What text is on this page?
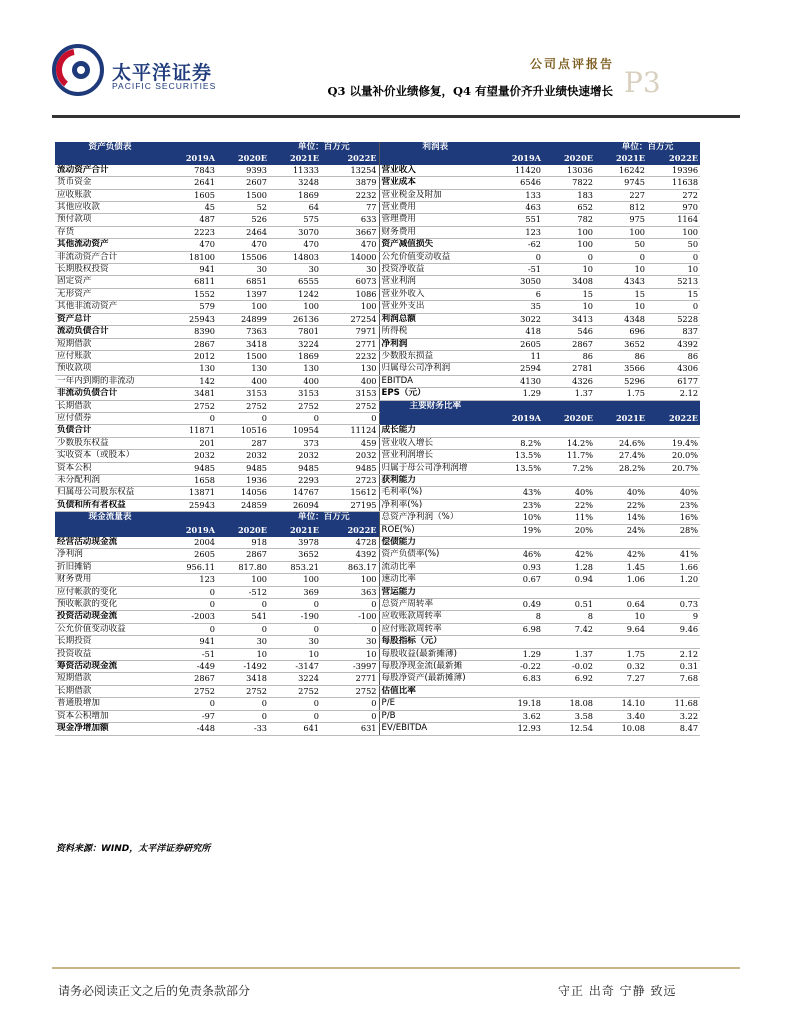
太平洋证券
PACIFIC SECURITIES
公司点评报告
P3
Q3 以量补价业绩修复，Q4 有望量价齐升业绩快速增长
资产负债表			单位：百万元		利润表			单位：百万元	
	2019A	2020E	2021E	2022E		2019A	2020E	2021E	2022E
流动资产合计	7843	9393	11333	13254	营业收入	11420	13036	16242	19396
货币资金	2641	2607	3248	3879	营业成本	6546	7822	9745	11638
应收账款	1605	1500	1869	2232	营业税金及附加	133	183	227	272
其他应收款	45	52	64	77	营业费用	463	652	812	970
预付款项	487	526	575	633	管理费用	551	782	975	1164
存货	2223	2464	3070	3667	财务费用	123	100	100	100
其他流动资产	470	470	470	470	资产减值损失	-62	100	50	50
非流动资产合计	18100	15506	14803	14000	公允价值变动收益	0	0	0	0
长期股权投资	941	30	30	30	投资净收益	-51	10	10	10
固定资产	6811	6851	6555	6073	营业利润	3050	3408	4343	5213
无形资产	1552	1397	1242	1086	营业外收入	6	15	15	15
其他非流动资产	579	100	100	100	营业外支出	35	10	10	0
资产总计	25943	24899	26136	27254	利润总额	3022	3413	4348	5228
流动负债合计	8390	7363	7801	7971	所得税	418	546	696	837
短期借款	2867	3418	3224	2771	净利润	2605	2867	3652	4392
应付账款	2012	1500	1869	2232	少数股东损益	11	86	86	86
预收款项	130	130	130	130	归属母公司净利润	2594	2781	3566	4306
一年内到期的非流动	142	400	400	400	EBITDA	4130	4326	5296	6177
非流动负债合计	3481	3153	3153	3153	EPS（元）	1.29	1.37	1.75	2.12
长期借款	2752	2752	2752	2752	主要财务比率				
应付债券	0	0	0	0		2019A	2020E	2021E	2022E
负债合计	11871	10516	10954	11124	成长能力				
少数股东权益	201	287	373	459	营业收入增长	8.2%	14.2%	24.6%	19.4%
实收资本（或股本）	2032	2032	2032	2032	营业利润增长	13.5%	11.7%	27.4%	20.0%
资本公积	9485	9485	9485	9485	归属于母公司净利润增	13.5%	7.2%	28.2%	20.7%
未分配利润	1658	1936	2293	2723	获利能力				
归属母公司股东权益	13871	14056	14767	15612	毛利率(%)	43%	40%	40%	40%
负债和所有者权益	25943	24859	26094	27195	净利率(%)	23%	22%	22%	23%
现金流量表			单位：百万元		总资产净利润（%）	10%	11%	14%	16%
	2019A	2020E	2021E	2022E	ROE(%)	19%	20%	24%	28%
经营活动现金流	2004	918	3978	4728	偿债能力				
净利润	2605	2867	3652	4392	资产负债率(%)	46%	42%	42%	41%
折旧摊销	956.11	817.80	853.21	863.17	流动比率	0.93	1.28	1.45	1.66
财务费用	123	100	100	100	速动比率	0.67	0.94	1.06	1.20
应付帐款的变化	0	-512	369	363	营运能力				
预收帐款的变化	0	0	0	0	总资产周转率	0.49	0.51	0.64	0.73
投资活动现金流	-2003	541	-190	-100	应收账款周转率	8	8	10	9
公允价值变动收益	0	0	0	0	应付账款周转率	6.98	7.42	9.64	9.46
长期投资	941	30	30	30	每股指标（元）				
投资收益	-51	10	10	10	每股收益(最新摊薄)	1.29	1.37	1.75	2.12
筹资活动现金流	-449	-1492	-3147	-3997	每股净现金流(最新摊	-0.22	-0.02	0.32	0.31
短期借款	2867	3418	3224	2771	每股净资产(最新摊薄)	6.83	6.92	7.27	7.68
长期借款	2752	2752	2752	2752	估值比率				
普通股增加	0	0	0	0	P/E	19.18	18.08	14.10	11.68
资本公积增加	-97	0	0	0	P/B	3.62	3.58	3.40	3.22
现金净增加额	-448	-33	641	631	EV/EBITDA	12.93	12.54	10.08	8.47
资料来源：WIND，太平洋证券研究所
请务必阅读正文之后的免责条款部分	守正 出奇 宁静 致远
